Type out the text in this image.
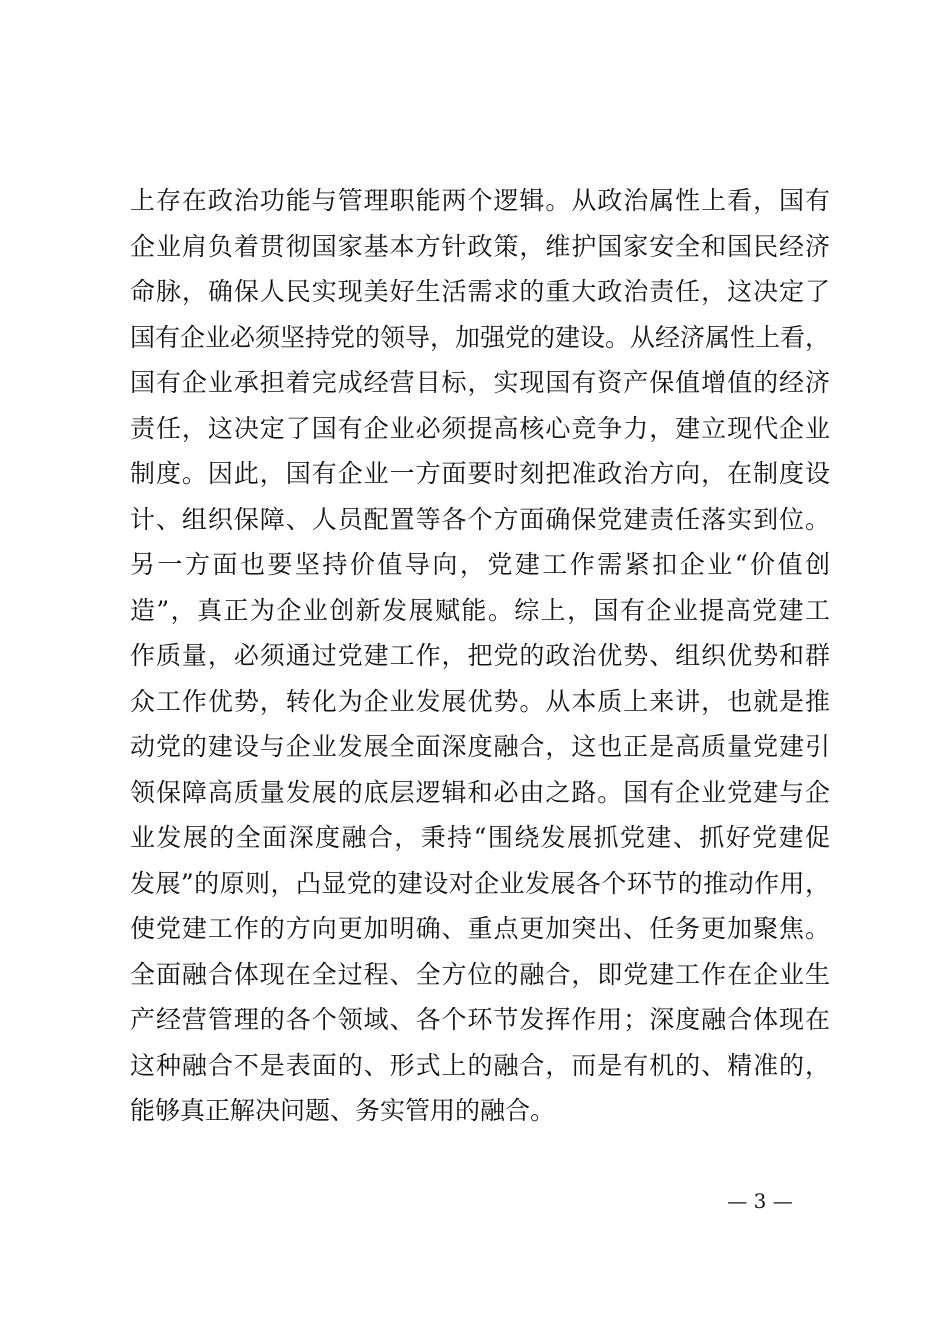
上存在政治功能与管理职能两个逻辑。从政治属性上看，国有
企业肩负着贯彻国家基本方针政策，维护国家安全和国民经济
命脉，确保人民实现美好生活需求的重大政治责任，这决定了
国有企业必须坚持党的领导，加强党的建设。从经济属性上看，
国有企业承担着完成经营目标，实现国有资产保值增值的经济
责任，这决定了国有企业必须提高核心竞争力，建立现代企业
制度。因此，国有企业一方面要时刻把准政治方向，在制度设
计、组织保障、人员配置等各个方面确保党建责任落实到位。
另一方面也要坚持价值导向，党建工作需紧扣企业“价值创
造”，真正为企业创新发展赋能。综上，国有企业提高党建工
作质量，必须通过党建工作，把党的政治优势、组织优势和群
众工作优势，转化为企业发展优势。从本质上来讲，也就是推
动党的建设与企业发展全面深度融合，这也正是高质量党建引
领保障高质量发展的底层逻辑和必由之路。国有企业党建与企
业发展的全面深度融合，秉持“围绕发展抓党建、抓好党建促
发展”的原则，凸显党的建设对企业发展各个环节的推动作用，
使党建工作的方向更加明确、重点更加突出、任务更加聚焦。
全面融合体现在全过程、全方位的融合，即党建工作在企业生
产经营管理的各个领域、各个环节发挥作用；深度融合体现在
这种融合不是表面的、形式上的融合，而是有机的、精准的，
能够真正解决问题、务实管用的融合。
— 3 —
